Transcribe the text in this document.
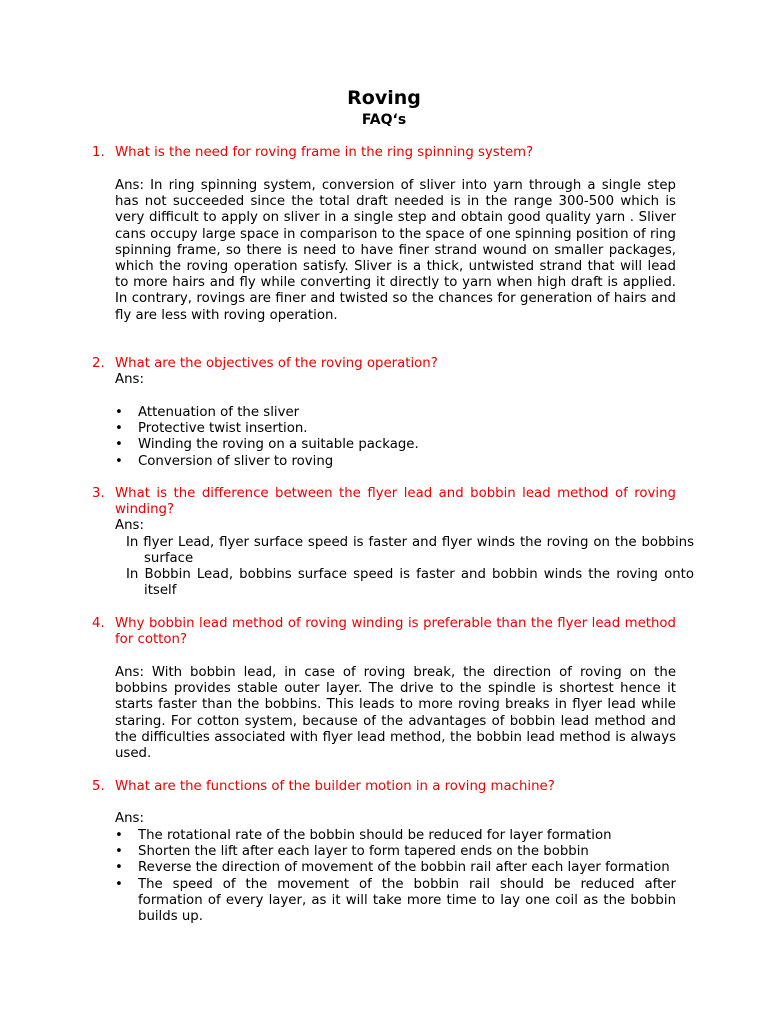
Roving
FAQ‘s
1. What is the need for roving frame in the ring spinning system?
Ans: In ring spinning system, conversion of sliver into yarn through a single step has not succeeded since the total draft needed is in the range 300-500 which is very difficult to apply on sliver in a single step and obtain good quality yarn . Sliver cans occupy large space in comparison to the space of one spinning position of ring spinning frame, so there is need to have finer strand wound on smaller packages, which the roving operation satisfy. Sliver is a thick, untwisted strand that will lead to more hairs and fly while converting it directly to yarn when high draft is applied. In contrary, rovings are finer and twisted so the chances for generation of hairs and fly are less with roving operation.
2. What are the objectives of the roving operation?
Ans:
• Attenuation of the sliver
• Protective twist insertion.
• Winding the roving on a suitable package.
• Conversion of sliver to roving
3. What is the difference between the flyer lead and bobbin lead method of roving winding?
Ans:
In flyer Lead, flyer surface speed is faster and flyer winds the roving on the bobbins surface
In Bobbin Lead, bobbins surface speed is faster and bobbin winds the roving onto itself
4. Why bobbin lead method of roving winding is preferable than the flyer lead method for cotton?
Ans: With bobbin lead, in case of roving break, the direction of roving on the bobbins provides stable outer layer. The drive to the spindle is shortest hence it starts faster than the bobbins. This leads to more roving breaks in flyer lead while staring. For cotton system, because of the advantages of bobbin lead method and the difficulties associated with flyer lead method, the bobbin lead method is always used.
5. What are the functions of the builder motion in a roving machine?
Ans:
• The rotational rate of the bobbin should be reduced for layer formation
• Shorten the lift after each layer to form tapered ends on the bobbin
• Reverse the direction of movement of the bobbin rail after each layer formation
• The speed of the movement of the bobbin rail should be reduced after formation of every layer, as it will take more time to lay one coil as the bobbin builds up.
